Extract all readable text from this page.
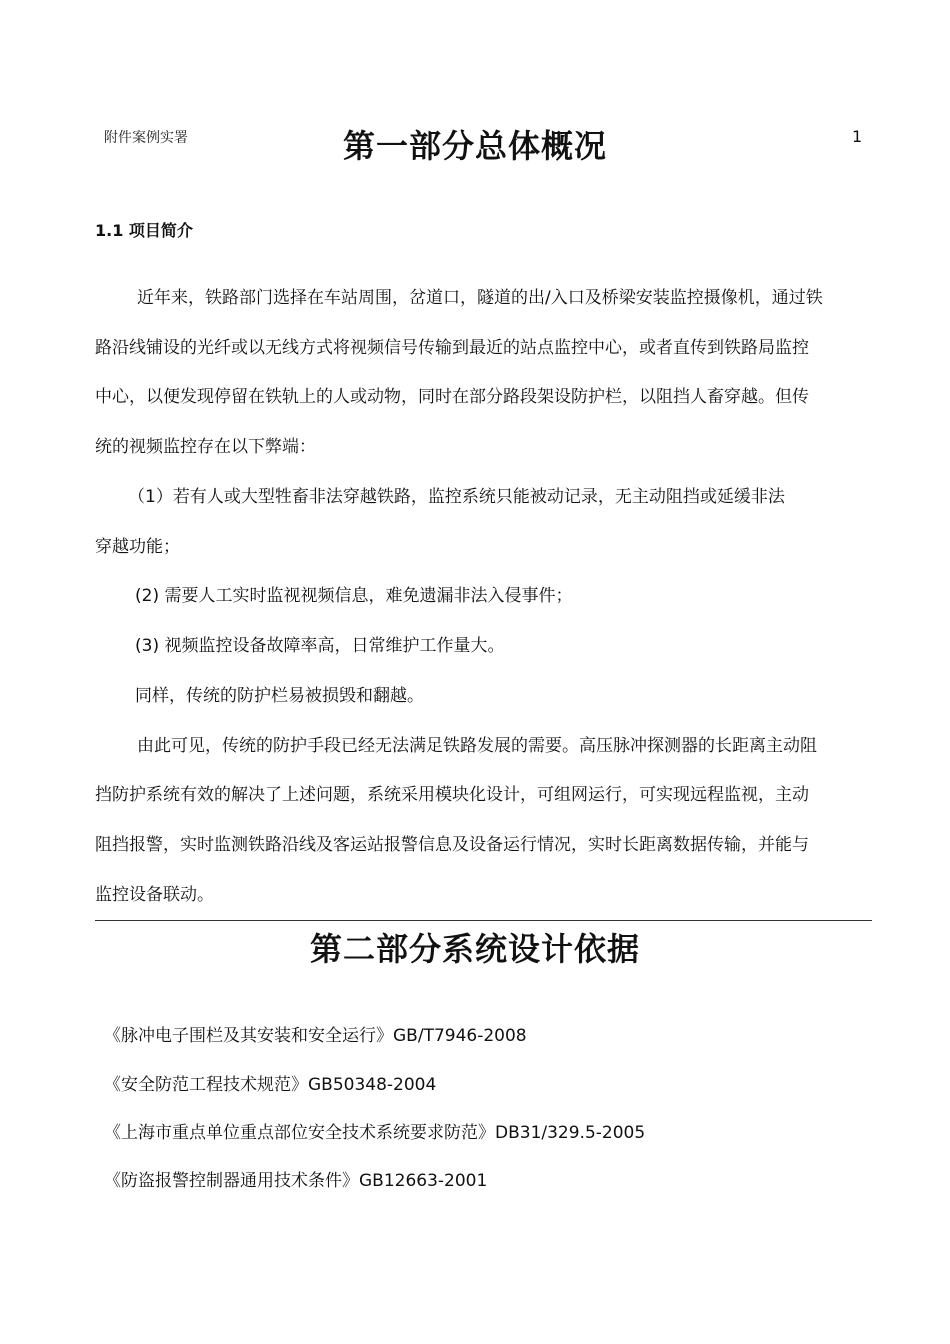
附件案例实署	1
第一部分总体概况
1.1 项目简介
近年来，铁路部门选择在车站周围，岔道口，隧道的出/入口及桥梁安装监控摄像机，通过铁
路沿线铺设的光纤或以无线方式将视频信号传输到最近的站点监控中心，或者直传到铁路局监控
中心，以便发现停留在铁轨上的人或动物，同时在部分路段架设防护栏，以阻挡人畜穿越。但传
统的视频监控存在以下弊端：
（1）若有人或大型牲畜非法穿越铁路，监控系统只能被动记录，无主动阻挡或延缓非法
穿越功能；
(2) 需要人工实时监视视频信息，难免遗漏非法入侵事件；
(3) 视频监控设备故障率高，日常维护工作量大。
同样，传统的防护栏易被损毁和翻越。
由此可见，传统的防护手段已经无法满足铁路发展的需要。高压脉冲探测器的长距离主动阻
挡防护系统有效的解决了上述问题，系统采用模块化设计，可组网运行，可实现远程监视，主动
阻挡报警，实时监测铁路沿线及客运站报警信息及设备运行情况，实时长距离数据传输，并能与
监控设备联动。
第二部分系统设计依据
《脉冲电子围栏及其安装和安全运行》GB/T7946-2008
《安全防范工程技术规范》GB50348-2004
《上海市重点单位重点部位安全技术系统要求防范》DB31/329.5-2005
《防盗报警控制器通用技术条件》GB12663-2001
